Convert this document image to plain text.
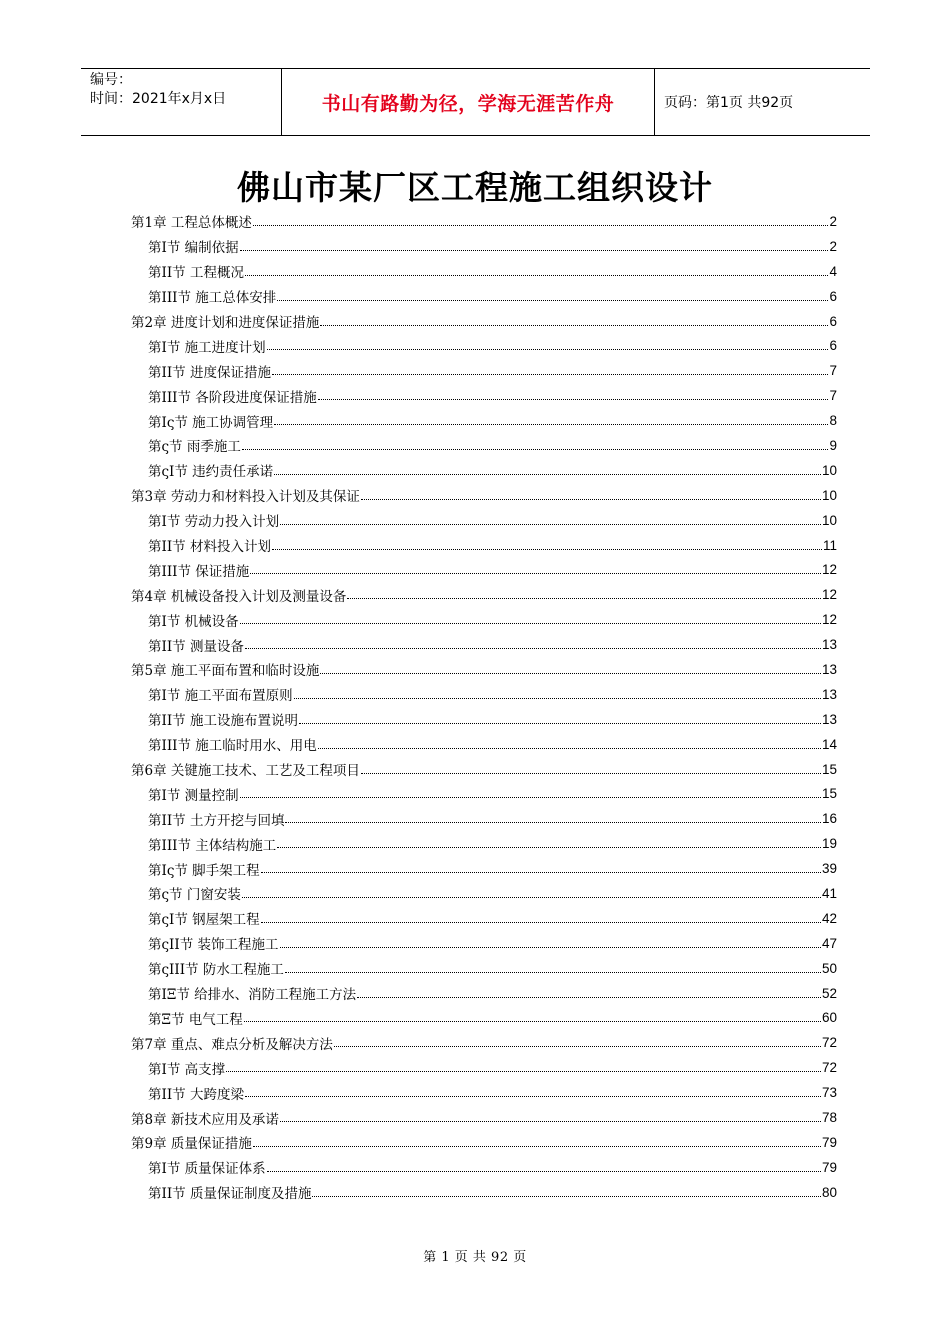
编号：
时间：2021年x月x日	书山有路勤为径，学海无涯苦作舟	页码：第1页 共92页
佛山市某厂区工程施工组织设计
第1章 工程总体概述	2
第I节 编制依据	2
第II节 工程概况	4
第III节 施工总体安排	6
第2章 进度计划和进度保证措施	6
第I节 施工进度计划	6
第II节 进度保证措施	7
第III节 各阶段进度保证措施	7
第Iς节 施工协调管理	8
第ς节 雨季施工	9
第ςI节 违约责任承诺	10
第3章 劳动力和材料投入计划及其保证	10
第I节 劳动力投入计划	10
第II节 材料投入计划	11
第III节 保证措施	12
第4章 机械设备投入计划及测量设备	12
第I节 机械设备	12
第II节 测量设备	13
第5章 施工平面布置和临时设施	13
第I节 施工平面布置原则	13
第II节 施工设施布置说明	13
第III节 施工临时用水、用电	14
第6章 关键施工技术、工艺及工程项目	15
第I节 测量控制	15
第II节 土方开挖与回填	16
第III节 主体结构施工	19
第Iς节 脚手架工程	39
第ς节 门窗安装	41
第ςI节 钢屋架工程	42
第ςII节 装饰工程施工	47
第ςIII节 防水工程施工	50
第IΞ节 给排水、消防工程施工方法	52
第Ξ节 电气工程	60
第7章 重点、难点分析及解决方法	72
第I节 高支撑	72
第II节 大跨度梁	73
第8章 新技术应用及承诺	78
第9章 质量保证措施	79
第I节 质量保证体系	79
第II节 质量保证制度及措施	80
第 1 页 共 92 页
